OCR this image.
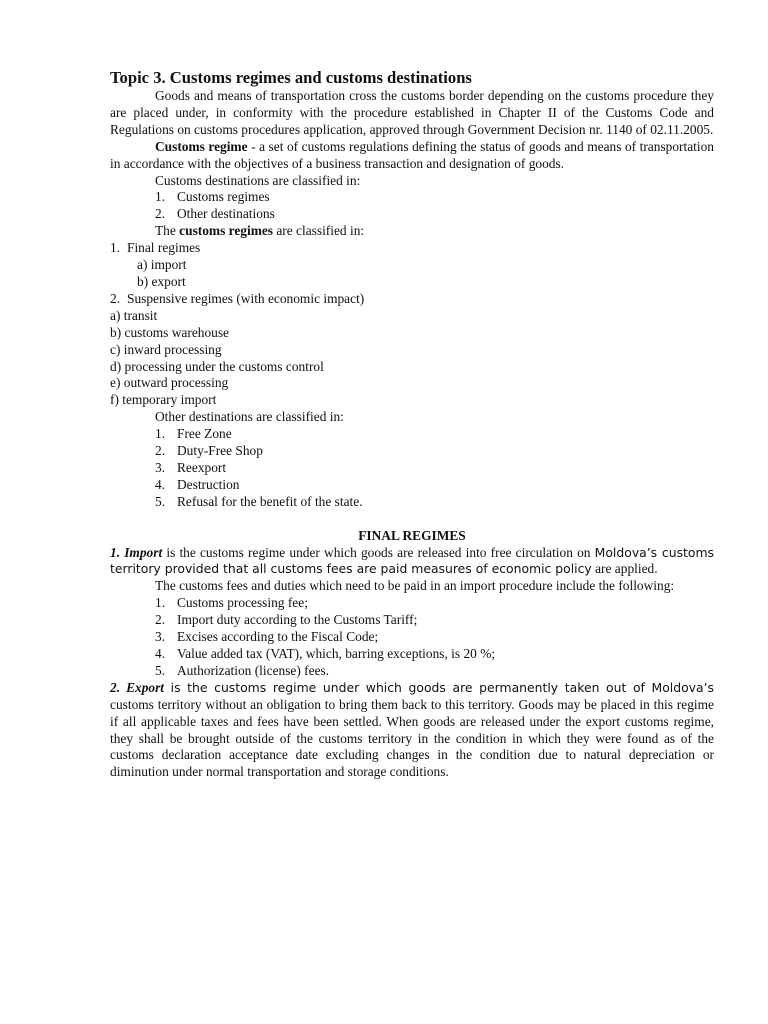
Topic 3. Customs regimes and customs destinations

Goods and means of transportation cross the customs border depending on the customs procedure they are placed under, in conformity with the procedure established in Chapter II of the Customs Code and Regulations on customs procedures application, approved through Government Decision nr. 1140 of 02.11.2005.

Customs regime - a set of customs regulations defining the status of goods and means of transportation in accordance with the objectives of a business transaction and designation of goods.

Customs destinations are classified in:

1. Customs regimes
2. Other destinations

The customs regimes are classified in:

1. Final regimes
a) import
b) export
2. Suspensive regimes (with economic impact)
a) transit
b) customs warehouse
c) inward processing
d) processing under the customs control
e) outward processing
f) temporary import

Other destinations are classified in:

1. Free Zone
2. Duty-Free Shop
3. Reexport
4. Destruction
5. Refusal for the benefit of the state.
FINAL REGIMES

1. Import is the customs regime under which goods are released into free circulation on Moldova’s customs territory provided that all customs fees are paid measures of economic policy are applied.

The customs fees and duties which need to be paid in an import procedure include the following:

1. Customs processing fee;
2. Import duty according to the Customs Tariff;
3. Excises according to the Fiscal Code;
4. Value added tax (VAT), which, barring exceptions, is 20 %;
5. Authorization (license) fees.

2. Export is the customs regime under which goods are permanently taken out of Moldova’s customs territory without an obligation to bring them back to this territory. Goods may be placed in this regime if all applicable taxes and fees have been settled. When goods are released under the export customs regime, they shall be brought outside of the customs territory in the condition in which they were found as of the customs declaration acceptance date excluding changes in the condition due to natural depreciation or diminution under normal transportation and storage conditions.
